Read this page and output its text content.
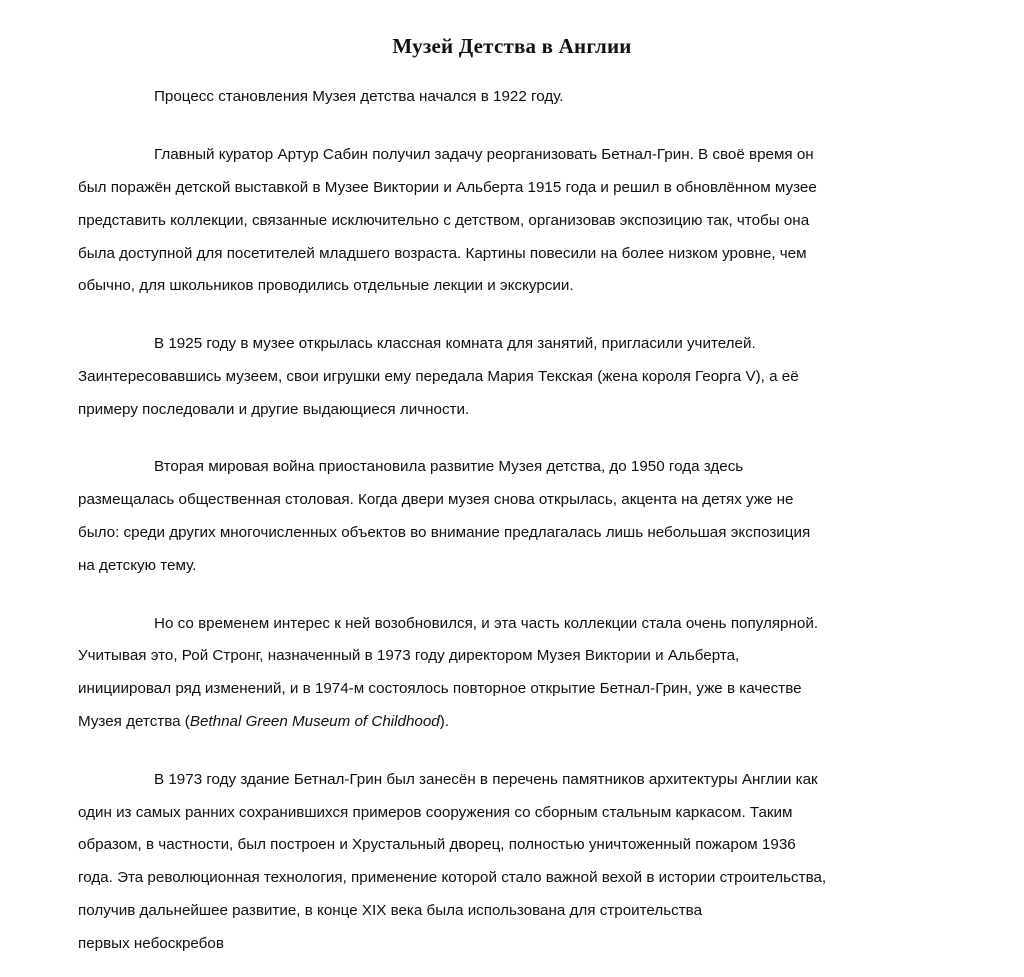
Музей Детства в Англии

Процесс становления Музея детства начался в 1922 году.

Главный куратор Артур Сабин получил задачу реорганизовать Бетнал-Грин. В своё время он

был поражён детской выставкой в Музее Виктории и Альберта 1915 года и решил в обновлённом музее

представить коллекции, связанные исключительно с детством, организовав экспозицию так, чтобы она

была доступной для посетителей младшего возраста. Картины повесили на более низком уровне, чем

обычно, для школьников проводились отдельные лекции и экскурсии.

В 1925 году в музее открылась классная комната для занятий, пригласили учителей.

Заинтересовавшись музеем, свои игрушки ему передала Мария Текская (жена короля Георга V), а её

примеру последовали и другие выдающиеся личности.

Вторая мировая война приостановила развитие Музея детства, до 1950 года здесь

размещалась общественная столовая. Когда двери музея снова открылась, акцента на детях уже не

было: среди других многочисленных объектов во внимание предлагалась лишь небольшая экспозиция

на детскую тему.

Но со временем интерес к ней возобновился, и эта часть коллекции стала очень популярной.

Учитывая это, Рой Стронг, назначенный в 1973 году директором Музея Виктории и Альберта,

инициировал ряд изменений, и в 1974-м состоялось повторное открытие Бетнал-Грин, уже в качестве

Музея детства (Bethnal Green Museum of Childhood).

В 1973 году здание Бетнал-Грин был занесён в перечень памятников архитектуры Англии как

один из самых ранних сохранившихся примеров сооружения со сборным стальным каркасом. Таким

образом, в частности, был построен и Хрустальный дворец, полностью уничтоженный пожаром 1936

года. Эта революционная технология, применение которой стало важной вехой в истории строительства,

получив дальнейшее развитие, в конце XIX века была использована для строительства

первых небоскребов
